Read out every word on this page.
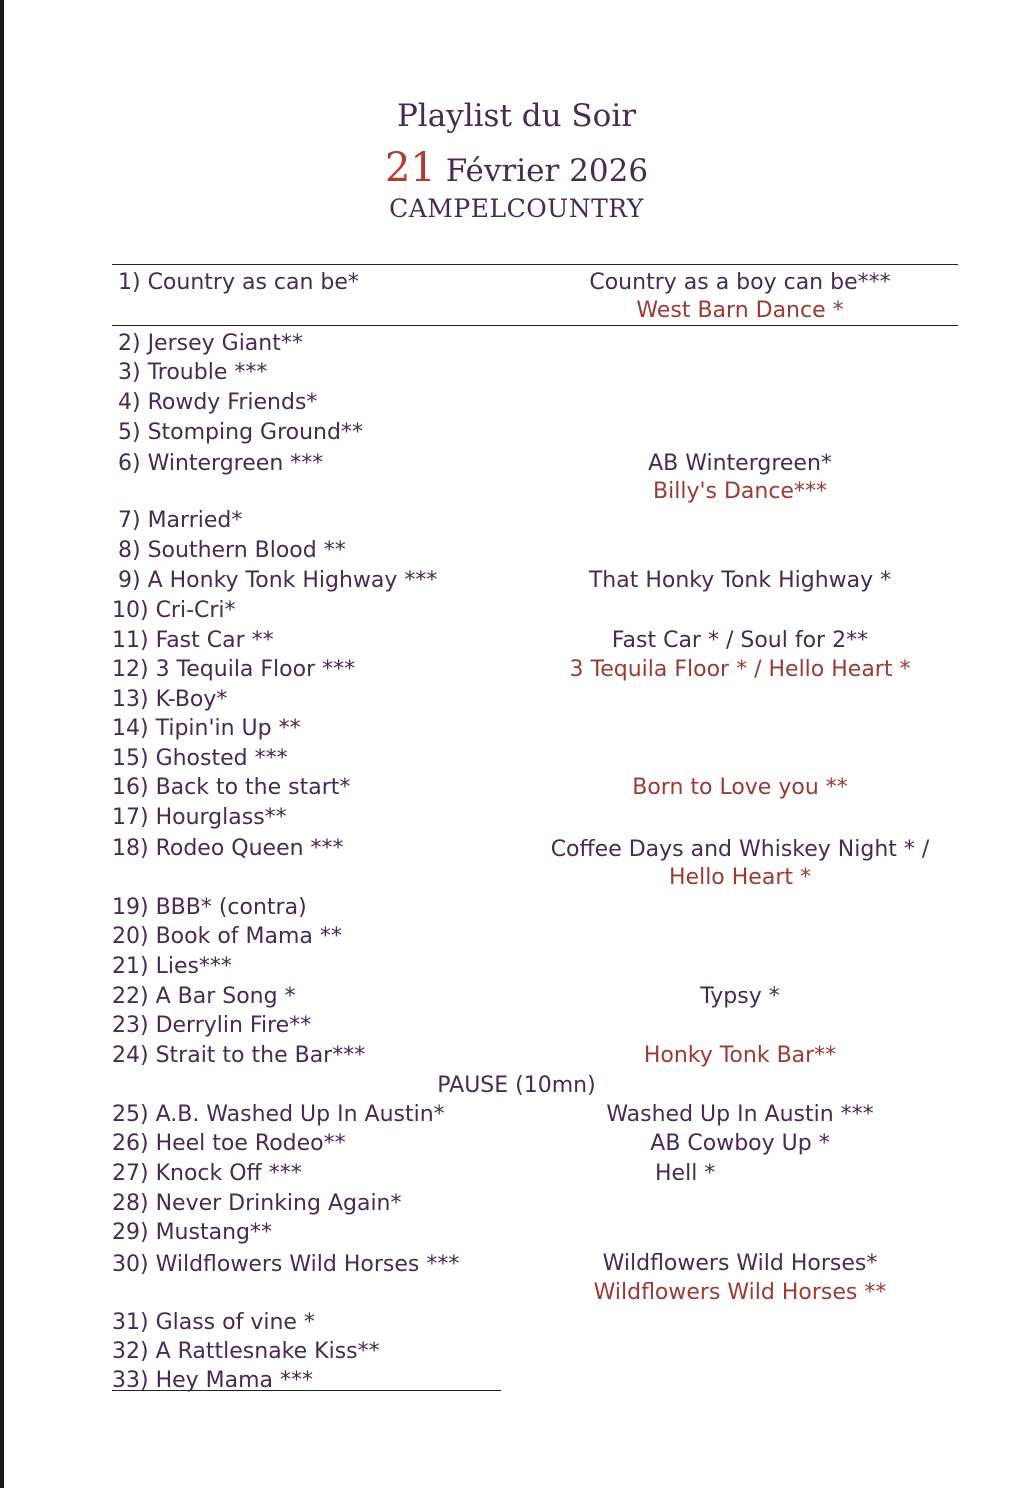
Playlist du Soir
21 Février 2026
CAMPELCOUNTRY
1) Country as can be*
2) Jersey Giant**
3) Trouble ***
4) Rowdy Friends*
5) Stomping Ground**
6) Wintergreen ***
7) Married*
8) Southern Blood **
9) A Honky Tonk Highway ***
10) Cri-Cri*
11) Fast Car **
12) 3 Tequila Floor ***
13) K-Boy*
14) Tipin'in Up **
15) Ghosted ***
16) Back to the start*
17) Hourglass**
18) Rodeo Queen ***
19) BBB* (contra)
20) Book of Mama **
21) Lies***
22) A Bar Song *
23) Derrylin Fire**
24) Strait to the Bar***
25) A.B. Washed Up In Austin*
26) Heel toe Rodeo**
27) Knock Off ***
28) Never Drinking Again*
29) Mustang**
30) Wildflowers Wild Horses ***
31) Glass of vine *
32) A Rattlesnake Kiss**
33) Hey Mama ***
Country as a boy can be***
West Barn Dance *
AB Wintergreen*
Billy's Dance***
That Honky Tonk Highway *
Fast Car * / Soul for 2**
3 Tequila Floor * / Hello Heart *
Born to Love you **
Coffee Days and Whiskey Night * /
Hello Heart *
Typsy *
Honky Tonk Bar**
Washed Up In Austin ***
AB Cowboy Up *
Hell *
Wildflowers Wild Horses*
Wildflowers Wild Horses **
PAUSE (10mn)
